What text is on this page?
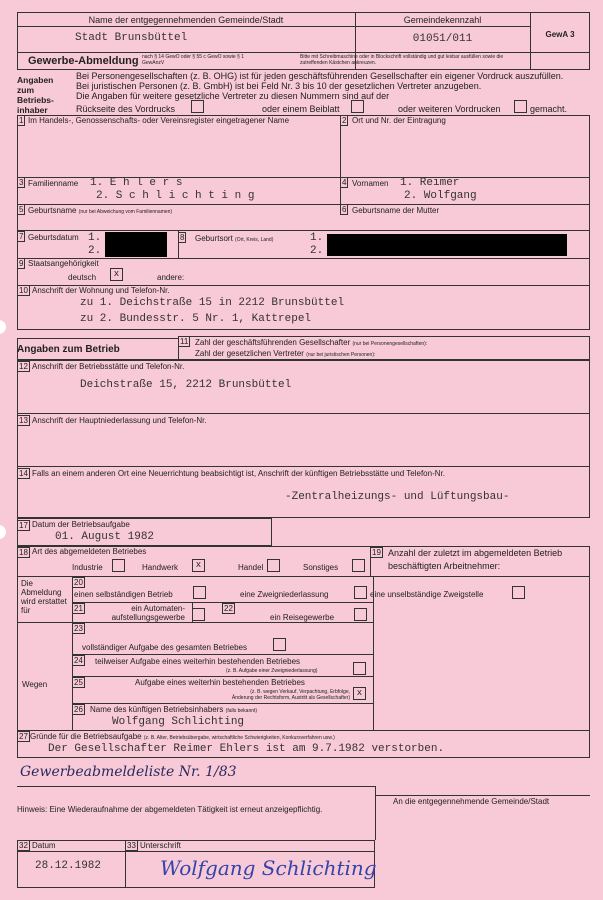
Name der entgegennehmenden Gemeinde/Stadt
Stadt Brunsbüttel
Gemeindekennzahl
01051/011	GewA 3
Gewerbe-Abmeldung nach § 14 GewO oder § 55 c GewO sowie § 1 GewAnzV
Bitte mit Schreibmaschine oder in Blockschrift vollständig und gut lesbar ausfüllen sowie die zutreffenden Kästchen ankreuzen.
Angaben zum Betriebs-inhaber
Bei Personengesellschaften (z. B. OHG) ist für jeden geschäftsführenden Gesellschafter ein eigener Vordruck auszufüllen.
Bei juristischen Personen (z. B. GmbH) ist bei Feld Nr. 3 bis 10 der gesetzlichen Vertreter anzugeben.
Die Angaben für weitere gesetzliche Vertreter zu diesen Nummern sind auf der
Rückseite des Vordrucks	oder einem Beiblatt	oder weiteren Vordrucken	gemacht.
1 Im Handels-, Genossenschafts- oder Vereinsregister eingetragener Name	2 Ort und Nr. der Eintragung
3 Familienname 1. E h l e r s
2. S c h l i c h t i n g
4 Vornamen 1. Reimer
2. Wolfgang
5 Geburtsname (nur bei Abweichung vom Familiennamen)	6 Geburtsname der Mutter
7 Geburtsdatum 1.
2.
8 Geburtsort (Ort, Kreis, Land)	1.
2.
9 Staatsangehörigkeit
deutsch	x	andere:
10 Anschrift der Wohnung und Telefon-Nr.
zu 1. Deichstraße 15 in 2212 Brunsbüttel
zu 2. Bundesstr. 5 Nr. 1, Kattrepel
Angaben zum Betrieb
11 Zahl der geschäftsführenden Gesellschafter (nur bei Personengesellschaften):
Zahl der gesetzlichen Vertreter (nur bei juristischen Personen):
12 Anschrift der Betriebsstätte und Telefon-Nr.
Deichstraße 15, 2212 Brunsbüttel
13 Anschrift der Hauptniederlassung und Telefon-Nr.
14 Falls an einem anderen Ort eine Neuerrichtung beabsichtigt ist, Anschrift der künftigen Betriebsstätte und Telefon-Nr.
-Zentralheizungs- und Lüftungsbau-
17 Datum der Betriebsaufgabe
01. August 1982
18 Art des abgemeldeten Betriebes
Industrie	Handwerk	x	Handel	Sonstiges
19 Anzahl der zuletzt im abgemeldeten Betrieb
beschäftigten Arbeitnehmer:
Die Abmeldung wird erstattet für
20
einen selbständigen Betrieb	eine Zweigniederlassung	eine unselbständige Zweigstelle
21	ein Automaten-
aufstellungsgewerbe
22
ein Reisegewerbe
Wegen
23
vollständiger Aufgabe des gesamten Betriebes
24 teilweiser Aufgabe eines weiterhin bestehenden Betriebes
(z. B. Aufgabe einer Zweigniederlassung)
25	Aufgabe eines weiterhin bestehenden Betriebes
(z. B. wegen Verkauf, Verpachtung, Erbfolge,
Änderung der Rechtsform, Austritt als Gesellschafter) x
26 Name des künftigen Betriebsinhabers (falls bekannt)
Wolfgang Schlichting
27 Gründe für die Betriebsaufgabe (z. B. Alter, Betriebsübergabe, wirtschaftliche Schwierigkeiten, Konkursverfahren usw.)
Der Gesellschafter Reimer Ehlers ist am 9.7.1982 verstorben.
Gewerbeabmeldeliste Nr. 1/83
Hinweis: Eine Wiederaufnahme der abgemeldeten Tätigkeit ist erneut anzeigepflichtig.
An die entgegennehmende Gemeinde/Stadt
32 Datum
28.12.1982
33 Unterschrift
Wolfgang Schlichting
